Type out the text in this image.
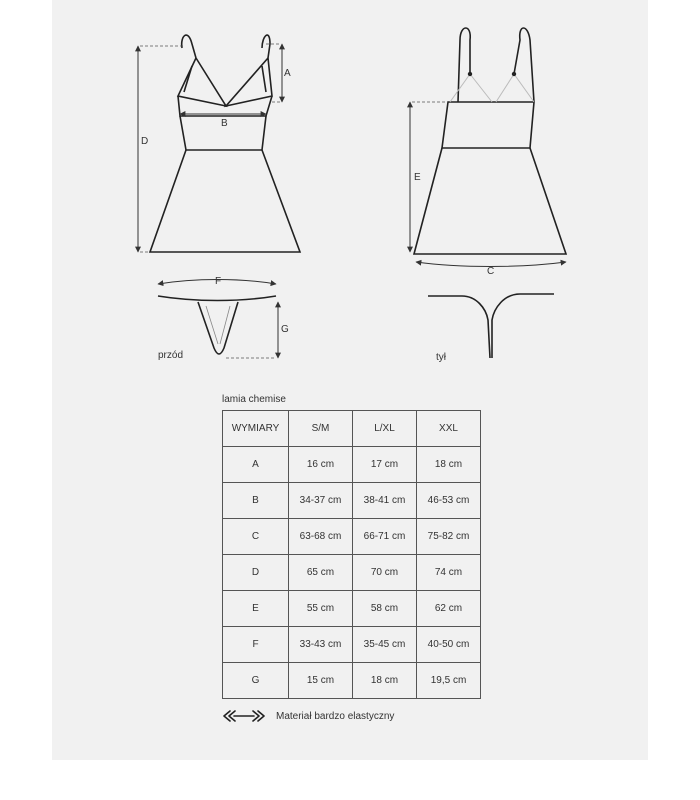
A
B
D
E
C
F
G
przód	tył
lamia chemise
WYMIARY	S/M	L/XL	XXL
A	16 cm	17 cm	18 cm
B	34-37 cm	38-41 cm	46-53 cm
C	63-68 cm	66-71 cm	75-82 cm
D	65 cm	70 cm	74 cm
E	55 cm	58 cm	62 cm
F	33-43 cm	35-45 cm	40-50 cm
G	15 cm	18 cm	19,5 cm
Materiał bardzo elastyczny
